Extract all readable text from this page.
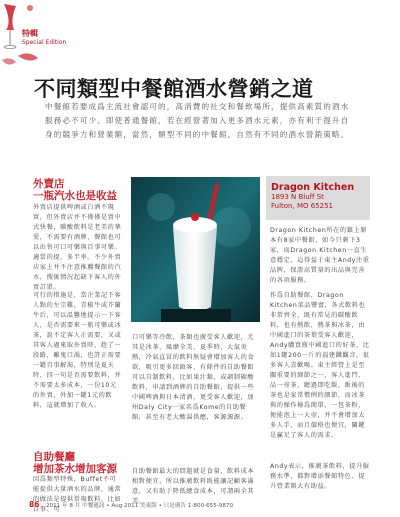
特輯
Special Edition
不同類型中餐館酒水營銷之道
中餐館若要成爲主流社會認可的，高消費的社交和餐飲場所，提供高素質的酒水服務必不可少。即使普通餐館，若在經營著加入更多酒水元素，亦有利于提升自身的競爭力和營業額，當然，類型不同的中餐館，自然有不同的酒水營銷策略。
外賣店
一瓶汽水也是收益
外賣店提供啤酒或白酒不現實，但外賣店并不僅僅是賣中式快餐，碳酸飲料是老美的摯愛，不需要有酒牌，餐館也可以出售可口可樂與百事可樂。適當的提，多半率。不少外賣店家上并不注意推薦餐館的汽水，搜匯情況起缺下客人的外賣訂單。
可行的措施是，當企業記下客人點的左宗雞，青椒牛或芥蘭牛后，可以温馨地提示一下客人，是否需要來一瓶可樂或冰茶，說不定客人正需要，又或其客人過來取外賣時，趁了一段路，雖鬼口渴，也許正需要一罐百事解渴，特別是夏天時，四一句是否需要飲料，并不需要太多成本，一份10元的外賣，外加一罐1元的飲料，這就增加了收入。
自助餐廳
增加茶水增加客源
因爲類型特殊，Buffet不可能提供大量酒水的品牌，通常的做法是提供常規飲料，比如百事、可
口可樂等冷飲，茶類也廣受客人歡迎，尤其是冰茶，風靡全美，夏季時，大氣炎熱，冷氣直冒的飲料無疑會增加客人的食欲，吸引更多回頭客，有條件的自助餐館可以自制飲料，比如果汁類，或調制碳酸飲料，申請到酒牌的自助餐館，提供一些中國啤酒與日本清酒，更受客人歡迎，加州Daly City一家名爲Kome的自助餐館，甚至有老大酸湯供應，客源源源。
自助餐館最大的問題就是食量，飲料成本相對便宜，所以推廣飲料既能讓記顧客滿意，又有助于降低總食成本，可謂兩全其美。
Dragon Kitchen
1893 N Bluff St
Fulton, MO 65251
Dragon Kitchen所在的鎮上原本有8家中餐館，如今只剩下3家，而Dragon Kitchen一直生意穩定，這得益于東主Andy注重品牌，保證高質量的出品與完善的各項服務。
作爲自助餐館，Dragon Kitchen菜品豐富，各式飲料也非常齊全，既有常見的碳酸飲料，也有熱飲，熱茶與冰茶，由中國進口的茶葉受客人歡迎，Andy購買瓶中國進口的好茶，比如1罐200一斤的福建鐵觀音，很多客人喜歡喝。東主經營上是至關重要的細節之一，客人進門，品一壺茶，聽過即吃飯，飯後的茶也是家常慣例的細節，而冰茶與的操作極爲簡單，一包茶粉，便能泡上一大壺，并不會增加太多人手，而且價格也便宜，關鍵是贏足了客人的需求。
Andy表示，推廣茶飲料，提升服務水準，都對增添餐館特色、提升營業額大有助益。
86 2011 年 8 月 中餐通訊 • Aug 2011 美東版 • 只是廣告 1-800-655-9870
